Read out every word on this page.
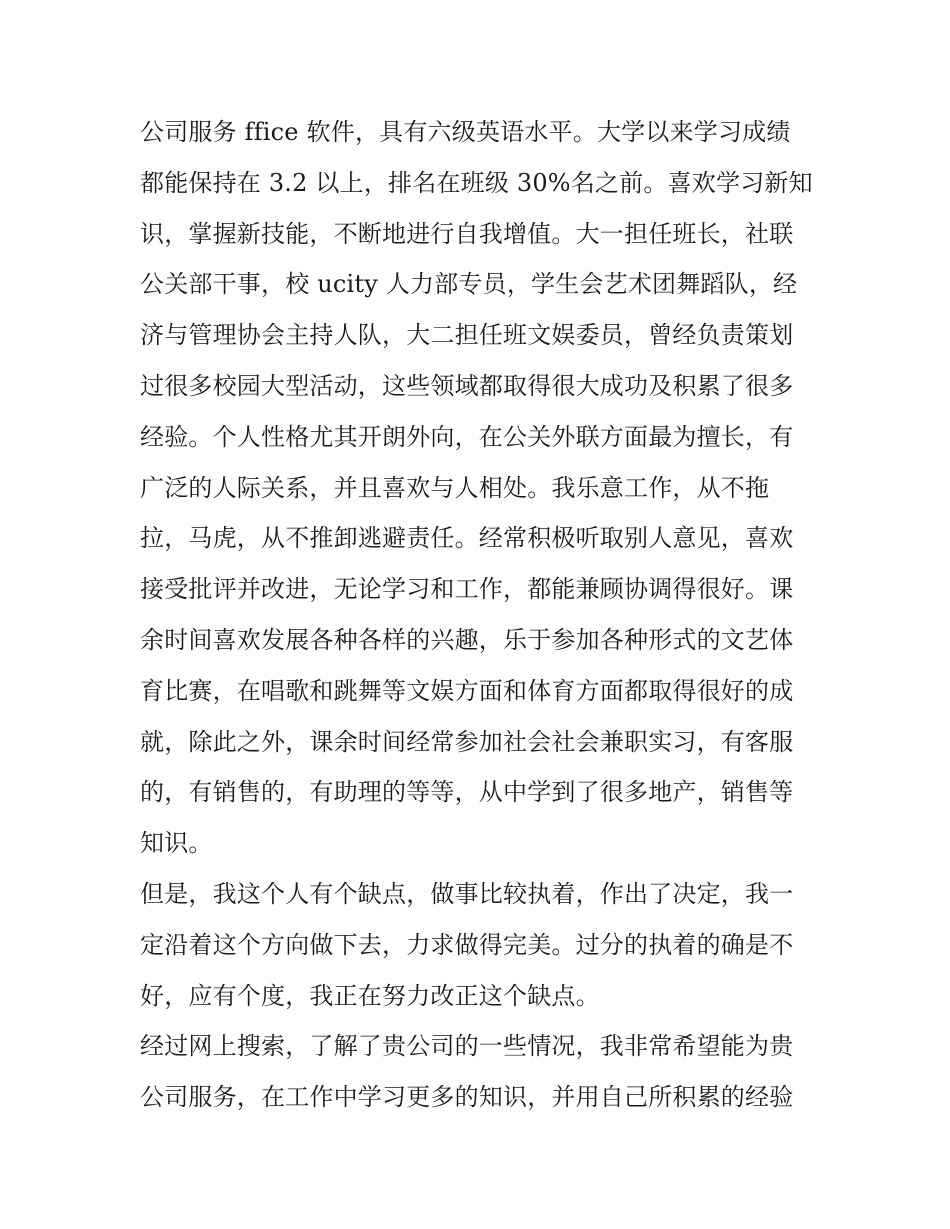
公司服务 ffice 软件，具有六级英语水平。大学以来学习成绩
都能保持在 3.2 以上，排名在班级 30%名之前。喜欢学习新知
识，掌握新技能，不断地进行自我增值。大一担任班长，社联
公关部干事，校 ucity 人力部专员，学生会艺术团舞蹈队，经
济与管理协会主持人队，大二担任班文娱委员，曾经负责策划
过很多校园大型活动，这些领域都取得很大成功及积累了很多
经验。个人性格尤其开朗外向，在公关外联方面最为擅长，有
广泛的人际关系，并且喜欢与人相处。我乐意工作，从不拖
拉，马虎，从不推卸逃避责任。经常积极听取别人意见，喜欢
接受批评并改进，无论学习和工作，都能兼顾协调得很好。课
余时间喜欢发展各种各样的兴趣，乐于参加各种形式的文艺体
育比赛，在唱歌和跳舞等文娱方面和体育方面都取得很好的成
就，除此之外，课余时间经常参加社会社会兼职实习，有客服
的，有销售的，有助理的等等，从中学到了很多地产，销售等
知识。
但是，我这个人有个缺点，做事比较执着，作出了决定，我一
定沿着这个方向做下去，力求做得完美。过分的执着的确是不
好，应有个度，我正在努力改正这个缺点。
经过网上搜索，了解了贵公司的一些情况，我非常希望能为贵
公司服务，在工作中学习更多的知识，并用自己所积累的经验
